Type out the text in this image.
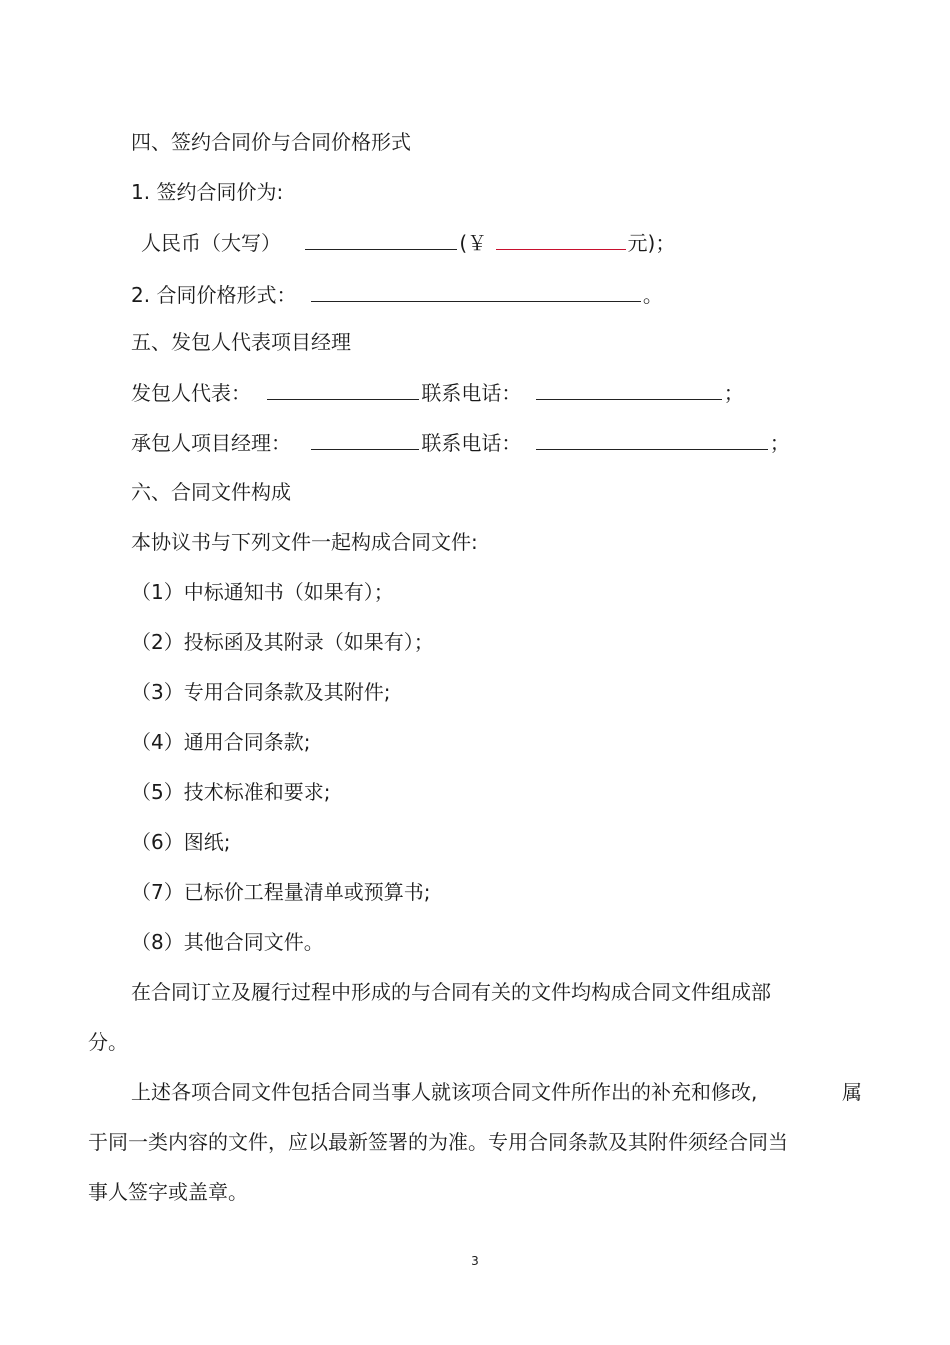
四、签约合同价与合同价格形式
1. 签约合同价为:
人民币（大写）	(￥	元)；
2. 合同价格形式：	。
五、发包人代表项目经理
发包人代表：	联系电话：	；
承包人项目经理：	联系电话：	；
六、合同文件构成
本协议书与下列文件一起构成合同文件:
（1）中标通知书（如果有）；
（2）投标函及其附录（如果有）；
（3）专用合同条款及其附件;
（4）通用合同条款;
（5）技术标准和要求;
（6）图纸;
（7）已标价工程量清单或预算书;
（8）其他合同文件。
在合同订立及履行过程中形成的与合同有关的文件均构成合同文件组成部
分。
上述各项合同文件包括合同当事人就该项合同文件所作出的补充和修改,	属
于同一类内容的文件，应以最新签署的为准。专用合同条款及其附件须经合同当
事人签字或盖章。
3
